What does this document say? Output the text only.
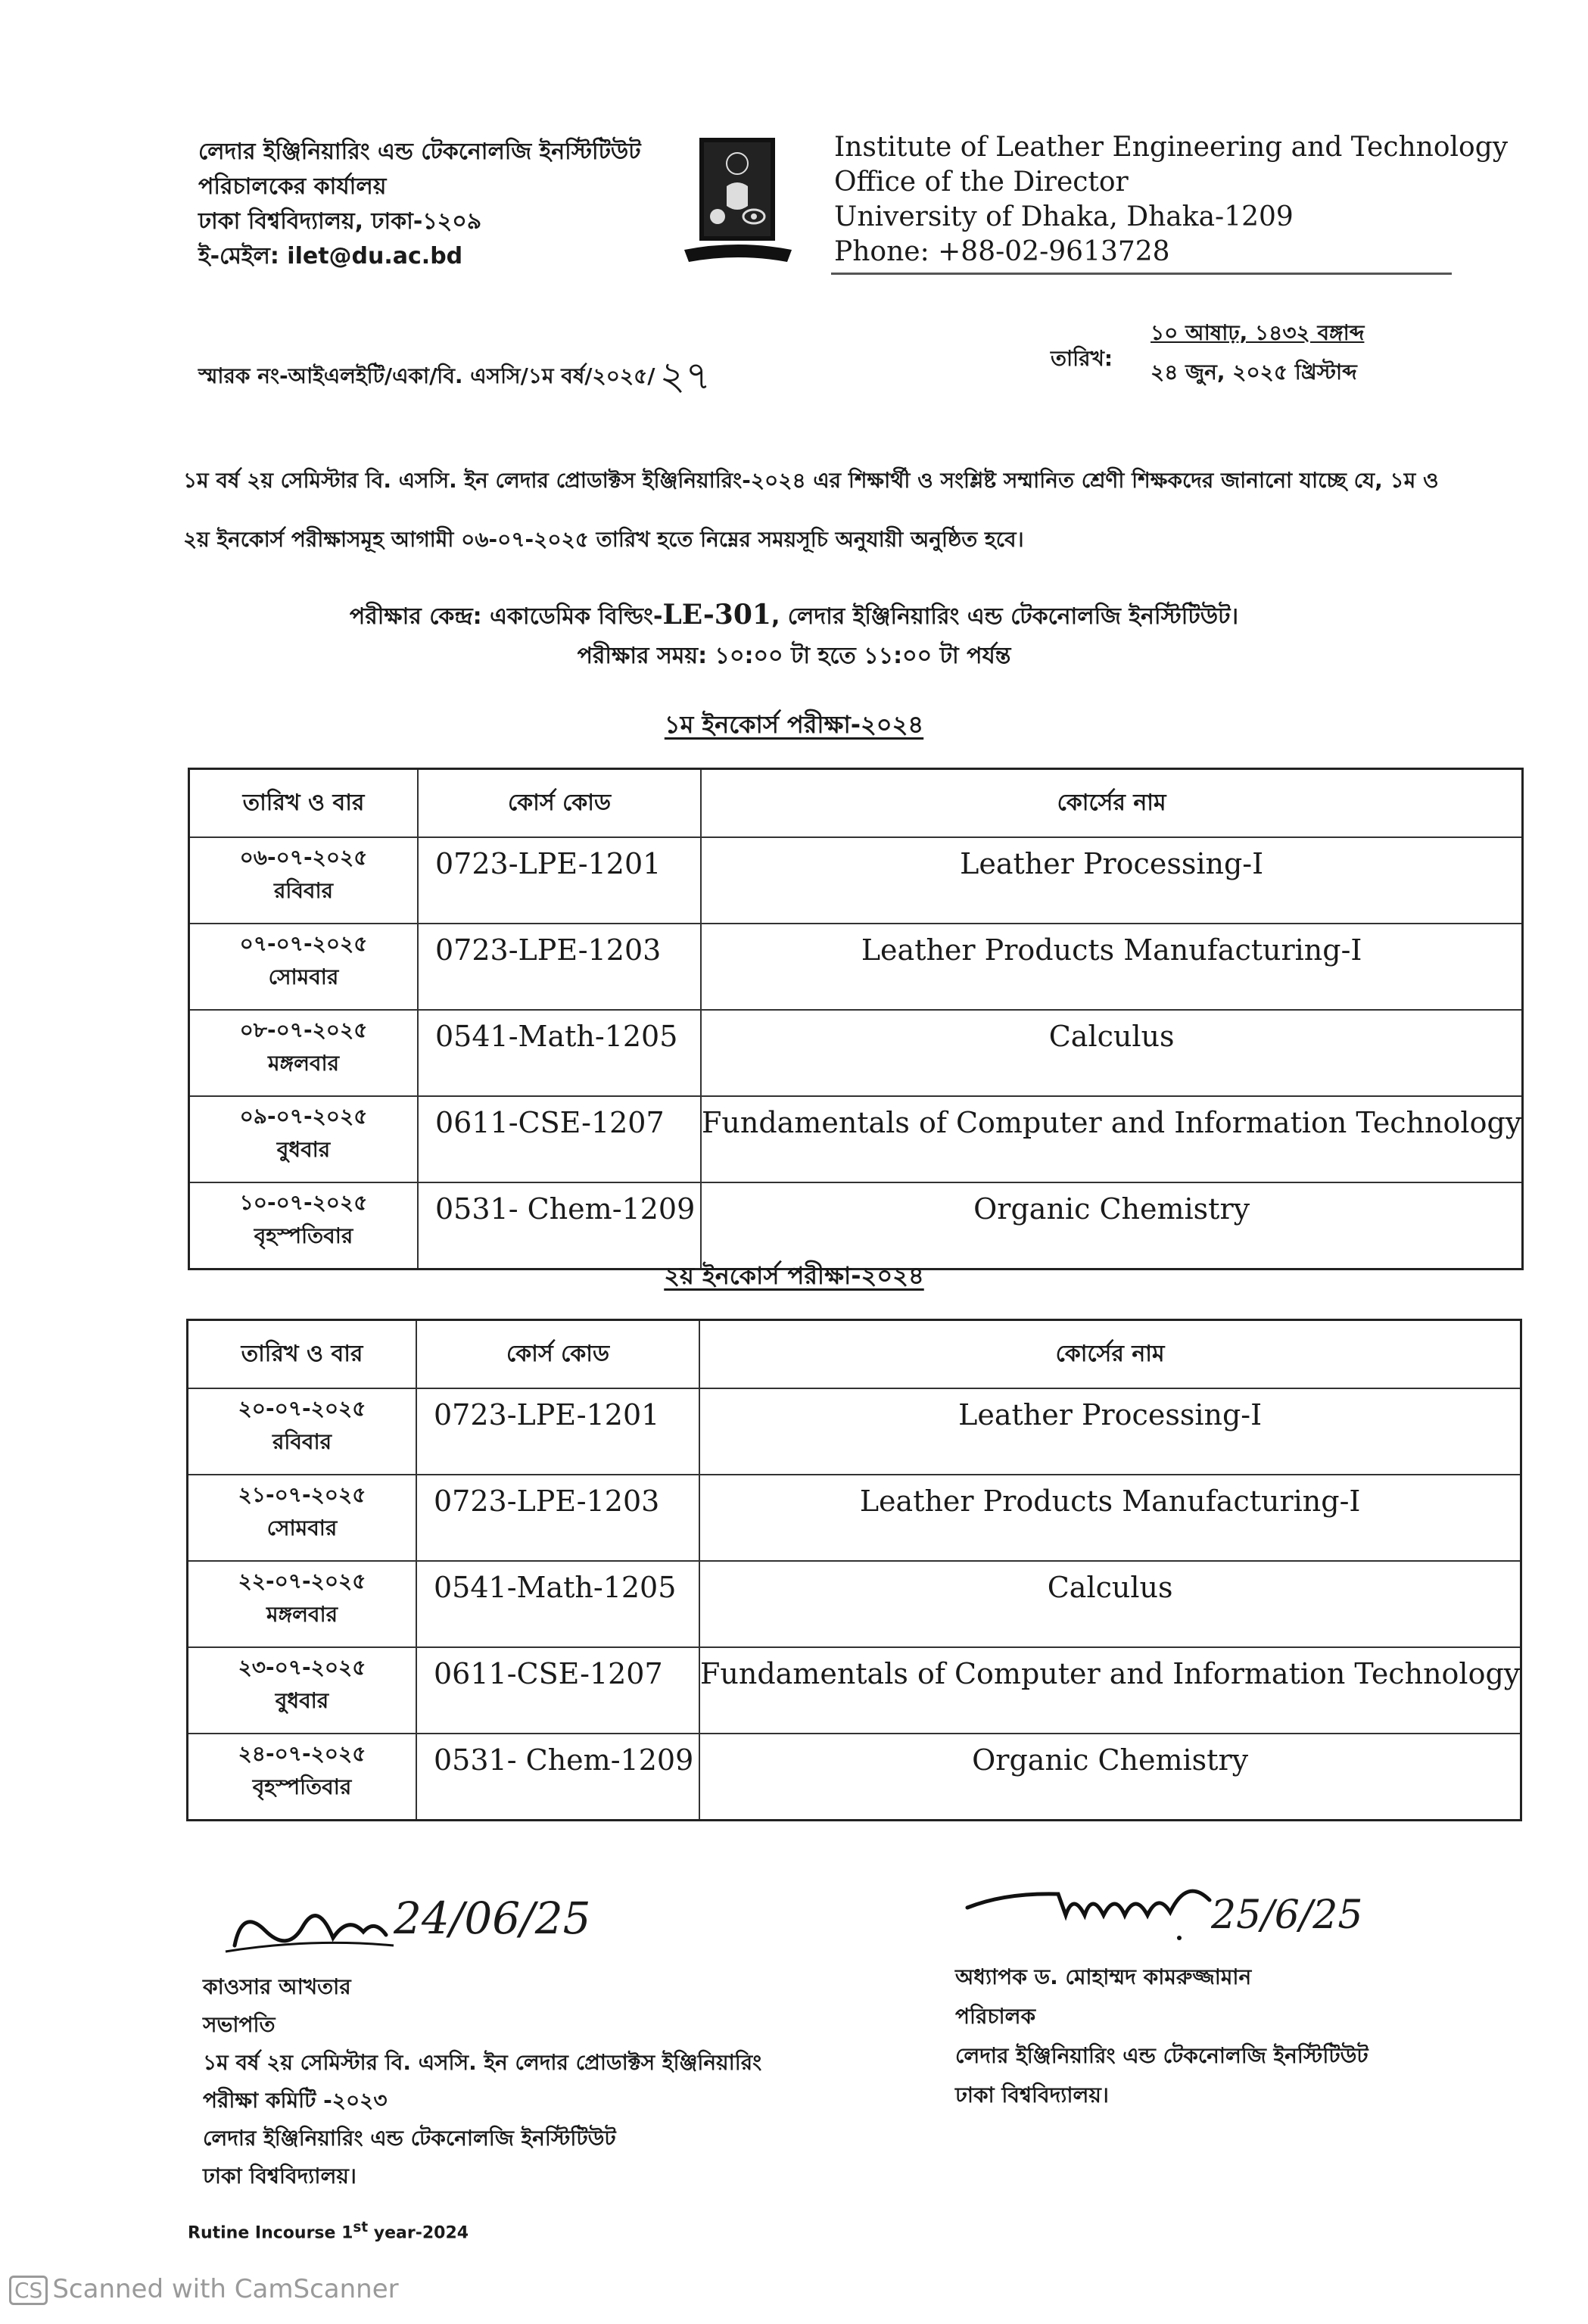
লেদার ইঞ্জিনিয়ারিং এন্ড টেকনোলজি ইনস্টিটিউট
পরিচালকের কার্যালয়
ঢাকা বিশ্ববিদ্যালয়, ঢাকা-১২০৯
ই-মেইল: ilet@du.ac.bd
Institute of Leather Engineering and Technology
Office of the Director
University of Dhaka, Dhaka-1209
Phone: +88-02-9613728
স্মারক নং-আইএলইটি/একা/বি. এসসি/১ম বর্ষ/২০২৫/ ২৭	তারিখ:
১০ আষাঢ়, ১৪৩২ বঙ্গাব্দ
২৪ জুন, ২০২৫ খ্রিস্টাব্দ
১ম বর্ষ ২য় সেমিস্টার বি. এসসি. ইন লেদার প্রোডাক্টস ইঞ্জিনিয়ারিং-২০২৪ এর শিক্ষার্থী ও সংশ্লিষ্ট সম্মানিত শ্রেণী শিক্ষকদের জানানো যাচ্ছে যে, ১ম ও ২য় ইনকোর্স পরীক্ষাসমূহ আগামী ০৬-০৭-২০২৫ তারিখ হতে নিম্নের সময়সূচি অনুযায়ী অনুষ্ঠিত হবে।
পরীক্ষার কেন্দ্র: একাডেমিক বিল্ডিং-LE-301, লেদার ইঞ্জিনিয়ারিং এন্ড টেকনোলজি ইনস্টিটিউট।
পরীক্ষার সময়: ১০:০০ টা হতে ১১:০০ টা পর্যন্ত
১ম ইনকোর্স পরীক্ষা-২০২৪
তারিখ ও বার	কোর্স কোড	কোর্সের নাম

০৬-০৭-২০২৫
রবিবার	0723-LPE-1201	Leather Processing-I

০৭-০৭-২০২৫
সোমবার	0723-LPE-1203	Leather Products Manufacturing-I

০৮-০৭-২০২৫
মঙ্গলবার	0541-Math-1205	Calculus

০৯-০৭-২০২৫
বুধবার	0611-CSE-1207	Fundamentals of Computer and Information Technology

১০-০৭-২০২৫
বৃহস্পতিবার	0531- Chem-1209	Organic Chemistry
২য় ইনকোর্স পরীক্ষা-২০২৪
তারিখ ও বার	কোর্স কোড	কোর্সের নাম

২০-০৭-২০২৫
রবিবার	0723-LPE-1201	Leather Processing-I

২১-০৭-২০২৫
সোমবার	0723-LPE-1203	Leather Products Manufacturing-I

২২-০৭-২০২৫
মঙ্গলবার	0541-Math-1205	Calculus

২৩-০৭-২০২৫
বুধবার	0611-CSE-1207	Fundamentals of Computer and Information Technology

২৪-০৭-২০২৫
বৃহস্পতিবার	0531- Chem-1209	Organic Chemistry
24/06/25	25/6/25
কাওসার আখতার
সভাপতি
১ম বর্ষ ২য় সেমিস্টার বি. এসসি. ইন লেদার প্রোডাক্টস ইঞ্জিনিয়ারিং
পরীক্ষা কমিটি -২০২৩
লেদার ইঞ্জিনিয়ারিং এন্ড টেকনোলজি ইনস্টিটিউট
ঢাকা বিশ্ববিদ্যালয়।
অধ্যাপক ড. মোহাম্মদ কামরুজ্জামান
পরিচালক
লেদার ইঞ্জিনিয়ারিং এন্ড টেকনোলজি ইনস্টিটিউট
ঢাকা বিশ্ববিদ্যালয়।
Rutine Incourse 1st year-2024
CS Scanned with CamScanner
